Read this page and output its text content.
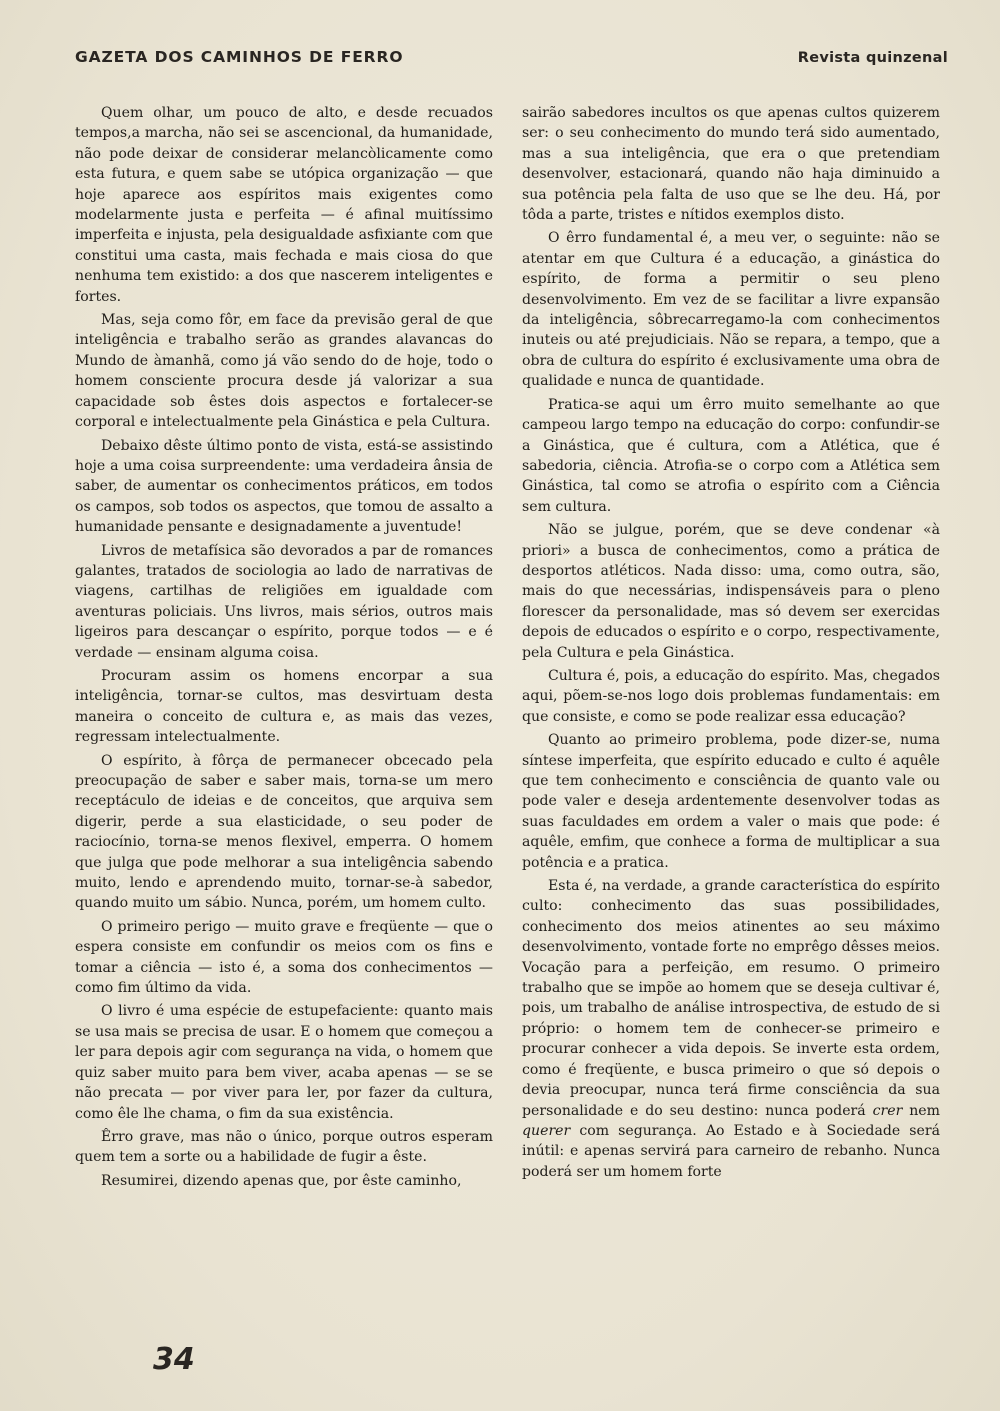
GAZETA DOS CAMINHOS DE FERRO	Revista quinzenal

Quem olhar, um pouco de alto, e desde recuados tempos,a marcha, não sei se ascencional, da humanidade, não pode deixar de considerar melancòlicamente como esta futura, e quem sabe se utópica organização — que hoje aparece aos espíritos mais exigentes como modelarmente justa e perfeita — é afinal muitíssimo imperfeita e injusta, pela desigualdade asfixiante com que constitui uma casta, mais fechada e mais ciosa do que nenhuma tem existido: a dos que nascerem inteligentes e fortes.

Mas, seja como fôr, em face da previsão geral de que inteligência e trabalho serão as grandes alavancas do Mundo de àmanhã, como já vão sendo do de hoje, todo o homem consciente procura desde já valorizar a sua capacidade sob êstes dois aspectos e fortalecer-se corporal e intelectualmente pela Ginástica e pela Cultura.

Debaixo dêste último ponto de vista, está-se assistindo hoje a uma coisa surpreendente: uma verdadeira ânsia de saber, de aumentar os conhecimentos práticos, em todos os campos, sob todos os aspectos, que tomou de assalto a humanidade pensante e designadamente a juventude!

Livros de metafísica são devorados a par de romances galantes, tratados de sociologia ao lado de narrativas de viagens, cartilhas de religiões em igualdade com aventuras policiais. Uns livros, mais sérios, outros mais ligeiros para descançar o espírito, porque todos — e é verdade — ensinam alguma coisa.

Procuram assim os homens encorpar a sua inteligência, tornar-se cultos, mas desvirtuam desta maneira o conceito de cultura e, as mais das vezes, regressam intelectualmente.

O espírito, à fôrça de permanecer obcecado pela preocupação de saber e saber mais, torna-se um mero receptáculo de ideias e de conceitos, que arquiva sem digerir, perde a sua elasticidade, o seu poder de raciocínio, torna-se menos flexivel, emperra. O homem que julga que pode melhorar a sua inteligência sabendo muito, lendo e aprendendo muito, tornar-se-à sabedor, quando muito um sábio. Nunca, porém, um homem culto.

O primeiro perigo — muito grave e freqüente — que o espera consiste em confundir os meios com os fins e tomar a ciência — isto é, a soma dos conhecimentos — como fim último da vida.

O livro é uma espécie de estupefaciente: quanto mais se usa mais se precisa de usar. E o homem que começou a ler para depois agir com segurança na vida, o homem que quiz saber muito para bem viver, acaba apenas — se se não precata — por viver para ler, por fazer da cultura, como êle lhe chama, o fim da sua existência.

Êrro grave, mas não o único, porque outros esperam quem tem a sorte ou a habilidade de fugir a êste.

Resumirei, dizendo apenas que, por êste caminho,

sairão sabedores incultos os que apenas cultos quizerem ser: o seu conhecimento do mundo terá sido aumentado, mas a sua inteligência, que era o que pretendiam desenvolver, estacionará, quando não haja diminuido a sua potência pela falta de uso que se lhe deu. Há, por tôda a parte, tristes e nítidos exemplos disto.

O êrro fundamental é, a meu ver, o seguinte: não se atentar em que Cultura é a educação, a ginástica do espírito, de forma a permitir o seu pleno desenvolvimento. Em vez de se facilitar a livre expansão da inteligência, sôbrecarregamo-la com conhecimentos inuteis ou até prejudiciais. Não se repara, a tempo, que a obra de cultura do espírito é exclusivamente uma obra de qualidade e nunca de quantidade.

Pratica-se aqui um êrro muito semelhante ao que campeou largo tempo na educação do corpo: confundir-se a Ginástica, que é cultura, com a Atlética, que é sabedoria, ciência. Atrofia-se o corpo com a Atlética sem Ginástica, tal como se atrofia o espírito com a Ciência sem cultura.

Não se julgue, porém, que se deve condenar «à priori» a busca de conhecimentos, como a prática de desportos atléticos. Nada disso: uma, como outra, são, mais do que necessárias, indispensáveis para o pleno florescer da personalidade, mas só devem ser exercidas depois de educados o espírito e o corpo, respectivamente, pela Cultura e pela Ginástica.

Cultura é, pois, a educação do espírito. Mas, chegados aqui, põem-se-nos logo dois problemas fundamentais: em que consiste, e como se pode realizar essa educação?

Quanto ao primeiro problema, pode dizer-se, numa síntese imperfeita, que espírito educado e culto é aquêle que tem conhecimento e consciência de quanto vale ou pode valer e deseja ardentemente desenvolver todas as suas faculdades em ordem a valer o mais que pode: é aquêle, emfim, que conhece a forma de multiplicar a sua potência e a pratica.

Esta é, na verdade, a grande característica do espírito culto: conhecimento das suas possibilidades, conhecimento dos meios atinentes ao seu máximo desenvolvimento, vontade forte no emprêgo dêsses meios. Vocação para a perfeição, em resumo. O primeiro trabalho que se impõe ao homem que se deseja cultivar é, pois, um trabalho de análise introspectiva, de estudo de si próprio: o homem tem de conhecer-se primeiro e procurar conhecer a vida depois. Se inverte esta ordem, como é freqüente, e busca primeiro o que só depois o devia preocupar, nunca terá firme consciência da sua personalidade e do seu destino: nunca poderá crer nem querer com segurança. Ao Estado e à Sociedade será inútil: e apenas servirá para carneiro de rebanho. Nunca poderá ser um homem forte

34
